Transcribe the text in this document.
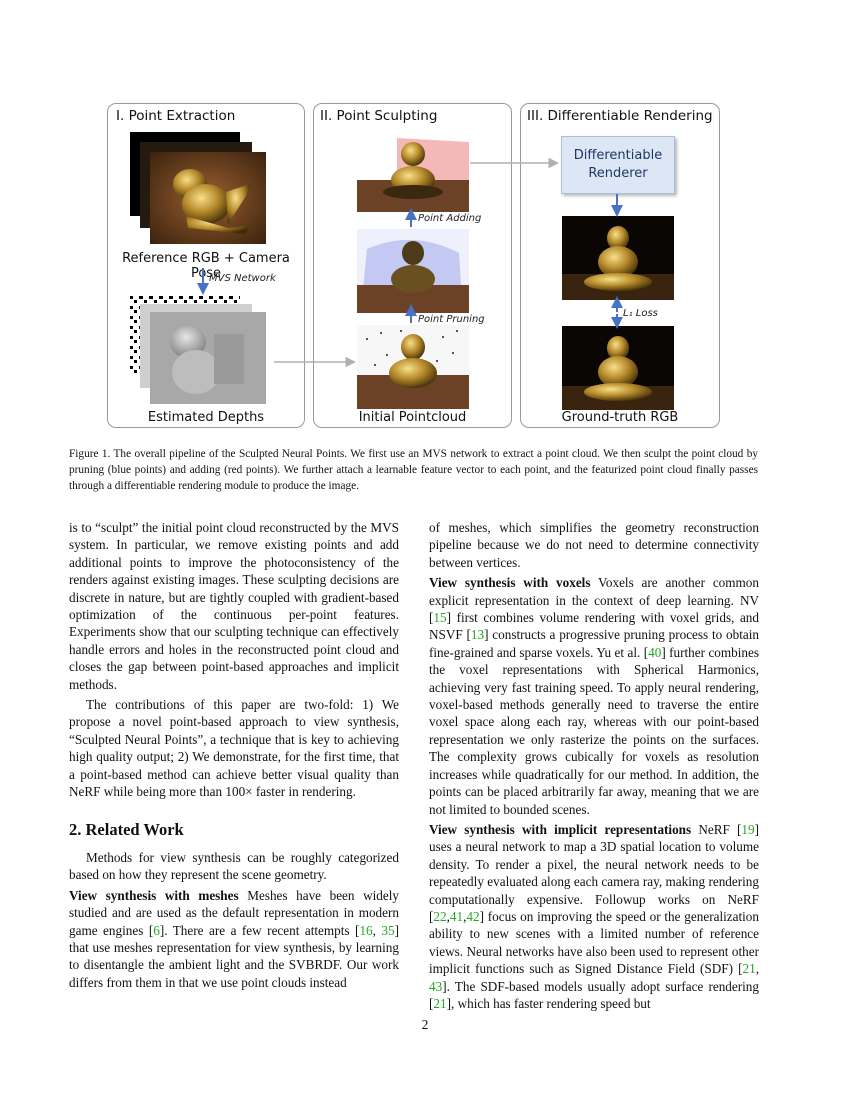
I. Point Extraction	II. Point Sculpting	III. Differentiable Rendering
Reference RGB + Camera Pose
MVS Network
Estimated Depths
Point Adding
Point Pruning
Initial Pointcloud
Differentiable
Renderer
L₁ Loss
Ground-truth RGB
Figure 1. The overall pipeline of the Sculpted Neural Points. We first use an MVS network to extract a point cloud. We then sculpt the point cloud by pruning (blue points) and adding (red points). We further attach a learnable feature vector to each point, and the featurized point cloud finally passes through a differentiable rendering module to produce the image.

is to “sculpt” the initial point cloud reconstructed by the MVS system. In particular, we remove existing points and add additional points to improve the photoconsistency of the renders against existing images. These sculpting decisions are discrete in nature, but are tightly coupled with gradient-based optimization of the continuous per-point features. Experiments show that our sculpting technique can effectively handle errors and holes in the reconstructed point cloud and closes the gap between point-based approaches and implicit methods.

The contributions of this paper are two-fold: 1) We propose a novel point-based approach to view synthesis, “Sculpted Neural Points”, a technique that is key to achieving high quality output; 2) We demonstrate, for the first time, that a point-based method can achieve better visual quality than NeRF while being more than 100× faster in rendering.

2. Related Work

Methods for view synthesis can be roughly categorized based on how they represent the scene geometry.

View synthesis with meshes Meshes have been widely studied and are used as the default representation in modern game engines [6]. There are a few recent attempts [16, 35] that use meshes representation for view synthesis, by learning to disentangle the ambient light and the SVBRDF. Our work differs from them in that we use point clouds instead

of meshes, which simplifies the geometry reconstruction pipeline because we do not need to determine connectivity between vertices.

View synthesis with voxels Voxels are another common explicit representation in the context of deep learning. NV [15] first combines volume rendering with voxel grids, and NSVF [13] constructs a progressive pruning process to obtain fine-grained and sparse voxels. Yu et al. [40] further combines the voxel representations with Spherical Harmonics, achieving very fast training speed. To apply neural rendering, voxel-based methods generally need to traverse the entire voxel space along each ray, whereas with our point-based representation we only rasterize the points on the surfaces. The complexity grows cubically for voxels as resolution increases while quadratically for our method. In addition, the points can be placed arbitrarily far away, meaning that we are not limited to bounded scenes.

View synthesis with implicit representations NeRF [19] uses a neural network to map a 3D spatial location to volume density. To render a pixel, the neural network needs to be repeatedly evaluated along each camera ray, making rendering computationally expensive. Followup works on NeRF [22,41,42] focus on improving the speed or the generalization ability to new scenes with a limited number of reference views. Neural networks have also been used to represent other implicit functions such as Signed Distance Field (SDF) [21, 43]. The SDF-based models usually adopt surface rendering [21], which has faster rendering speed but

2
